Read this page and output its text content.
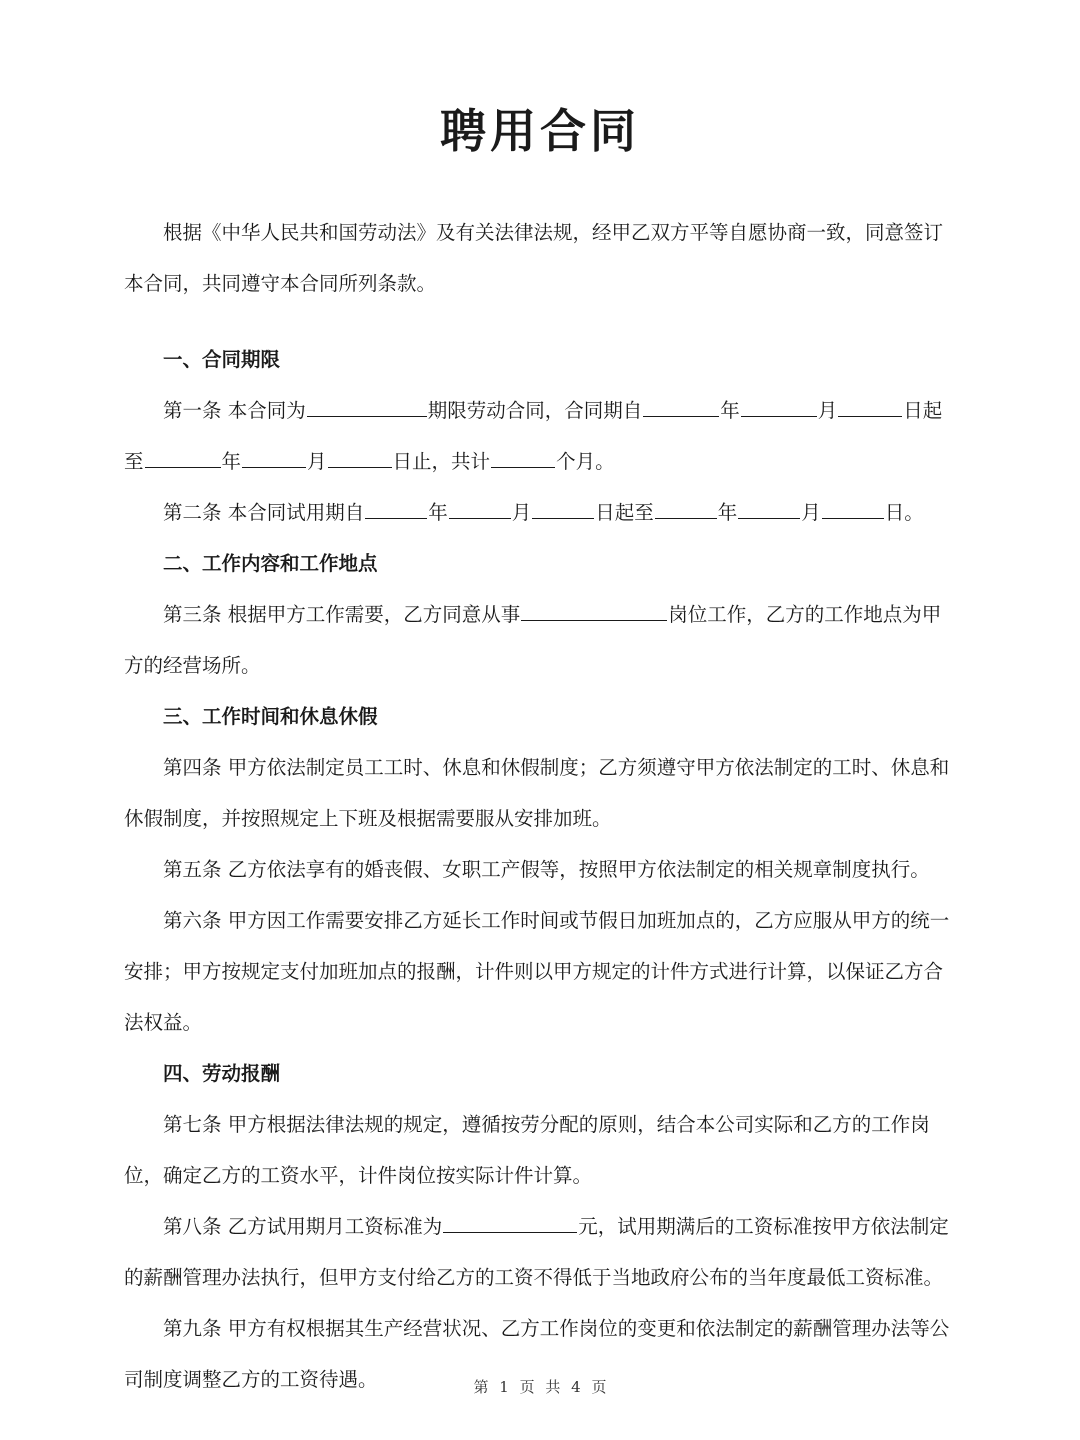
聘用合同

根据《中华人民共和国劳动法》及有关法律法规，经甲乙双方平等自愿协商一致，同意签订本合同，共同遵守本合同所列条款。

一、合同期限

第一条 本合同为	期限劳动合同，合同期自	年	月	日起至	年	月	日止，共计	个月。

第二条 本合同试用期自	年	月	日起至	年	月	日。

二、工作内容和工作地点

第三条 根据甲方工作需要，乙方同意从事	岗位工作，乙方的工作地点为甲方的经营场所。

三、工作时间和休息休假

第四条 甲方依法制定员工工时、休息和休假制度；乙方须遵守甲方依法制定的工时、休息和休假制度，并按照规定上下班及根据需要服从安排加班。

第五条 乙方依法享有的婚丧假、女职工产假等，按照甲方依法制定的相关规章制度执行。

第六条 甲方因工作需要安排乙方延长工作时间或节假日加班加点的，乙方应服从甲方的统一安排；甲方按规定支付加班加点的报酬，计件则以甲方规定的计件方式进行计算，以保证乙方合法权益。

四、劳动报酬

第七条 甲方根据法律法规的规定，遵循按劳分配的原则，结合本公司实际和乙方的工作岗位，确定乙方的工资水平，计件岗位按实际计件计算。

第八条 乙方试用期月工资标准为	元，试用期满后的工资标准按甲方依法制定的薪酬管理办法执行，但甲方支付给乙方的工资不得低于当地政府公布的当年度最低工资标准。

第九条 甲方有权根据其生产经营状况、乙方工作岗位的变更和依法制定的薪酬管理办法等公司制度调整乙方的工资待遇。	第 1 页 共 4 页
